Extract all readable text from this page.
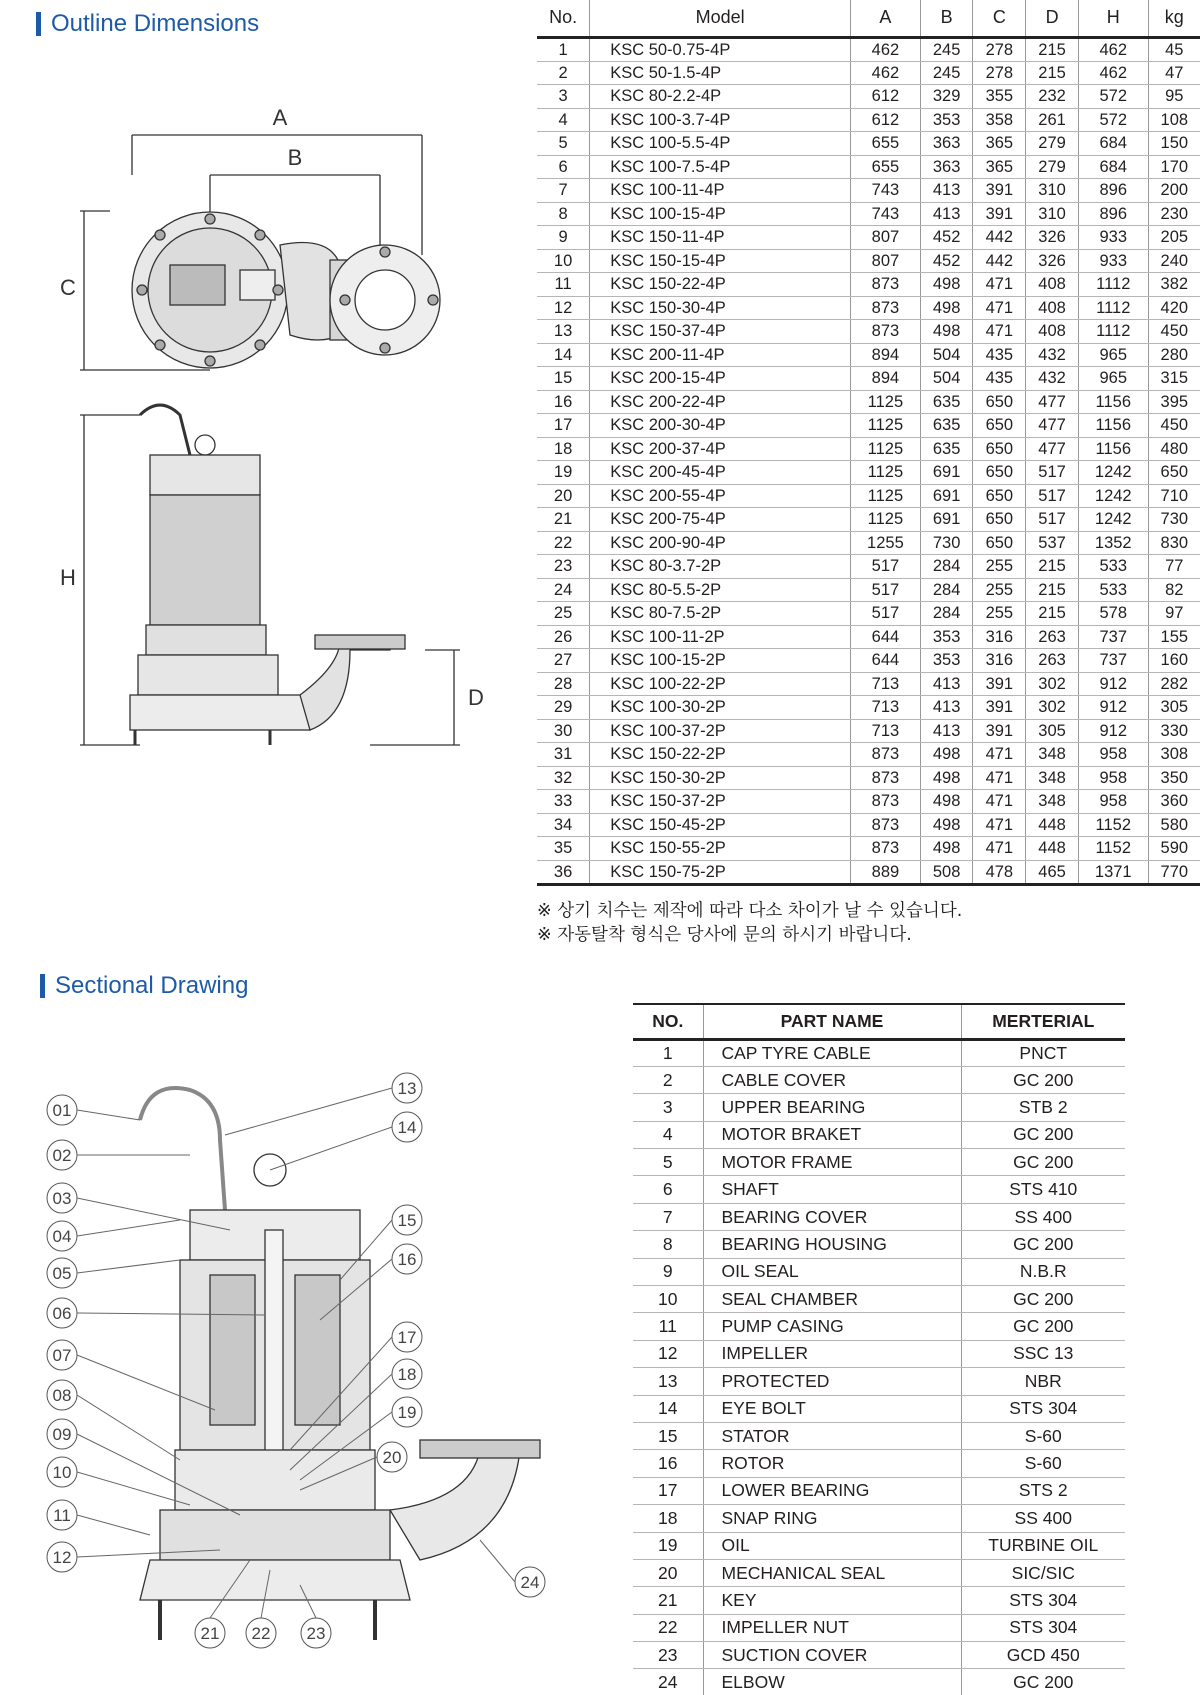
Outline Dimensions
A
B
C
H
D
No.	Model	A	B	C	D	H	kg
1	KSC 50-0.75-4P	462	245	278	215	462	45
2	KSC 50-1.5-4P	462	245	278	215	462	47
3	KSC 80-2.2-4P	612	329	355	232	572	95
4	KSC 100-3.7-4P	612	353	358	261	572	108
5	KSC 100-5.5-4P	655	363	365	279	684	150
6	KSC 100-7.5-4P	655	363	365	279	684	170
7	KSC 100-11-4P	743	413	391	310	896	200
8	KSC 100-15-4P	743	413	391	310	896	230
9	KSC 150-11-4P	807	452	442	326	933	205
10	KSC 150-15-4P	807	452	442	326	933	240
11	KSC 150-22-4P	873	498	471	408	1112	382
12	KSC 150-30-4P	873	498	471	408	1112	420
13	KSC 150-37-4P	873	498	471	408	1112	450
14	KSC 200-11-4P	894	504	435	432	965	280
15	KSC 200-15-4P	894	504	435	432	965	315
16	KSC 200-22-4P	1125	635	650	477	1156	395
17	KSC 200-30-4P	1125	635	650	477	1156	450
18	KSC 200-37-4P	1125	635	650	477	1156	480
19	KSC 200-45-4P	1125	691	650	517	1242	650
20	KSC 200-55-4P	1125	691	650	517	1242	710
21	KSC 200-75-4P	1125	691	650	517	1242	730
22	KSC 200-90-4P	1255	730	650	537	1352	830
23	KSC 80-3.7-2P	517	284	255	215	533	77
24	KSC 80-5.5-2P	517	284	255	215	533	82
25	KSC 80-7.5-2P	517	284	255	215	578	97
26	KSC 100-11-2P	644	353	316	263	737	155
27	KSC 100-15-2P	644	353	316	263	737	160
28	KSC 100-22-2P	713	413	391	302	912	282
29	KSC 100-30-2P	713	413	391	302	912	305
30	KSC 100-37-2P	713	413	391	305	912	330
31	KSC 150-22-2P	873	498	471	348	958	308
32	KSC 150-30-2P	873	498	471	348	958	350
33	KSC 150-37-2P	873	498	471	348	958	360
34	KSC 150-45-2P	873	498	471	448	1152	580
35	KSC 150-55-2P	873	498	471	448	1152	590
36	KSC 150-75-2P	889	508	478	465	1371	770
※ 상기 치수는 제작에 따라 다소 차이가 날 수 있습니다.
※ 자동탈착 형식은 당사에 문의 하시기 바랍니다.
Sectional Drawing
01
02
03
04
05
06
07
08
09
10
11
12
13
14
15
16
17
18
19
20
24
21 22 23
NO.	PART NAME	MERTERIAL
1	CAP TYRE CABLE	PNCT
2	CABLE COVER	GC 200
3	UPPER BEARING	STB 2
4	MOTOR BRAKET	GC 200
5	MOTOR FRAME	GC 200
6	SHAFT	STS 410
7	BEARING COVER	SS 400
8	BEARING HOUSING	GC 200
9	OIL SEAL	N.B.R
10	SEAL CHAMBER	GC 200
11	PUMP CASING	GC 200
12	IMPELLER	SSC 13
13	PROTECTED	NBR
14	EYE BOLT	STS 304
15	STATOR	S-60
16	ROTOR	S-60
17	LOWER BEARING	STS 2
18	SNAP RING	SS 400
19	OIL	TURBINE OIL
20	MECHANICAL SEAL	SIC/SIC
21	KEY	STS 304
22	IMPELLER NUT	STS 304
23	SUCTION COVER	GCD 450
24	ELBOW	GC 200
